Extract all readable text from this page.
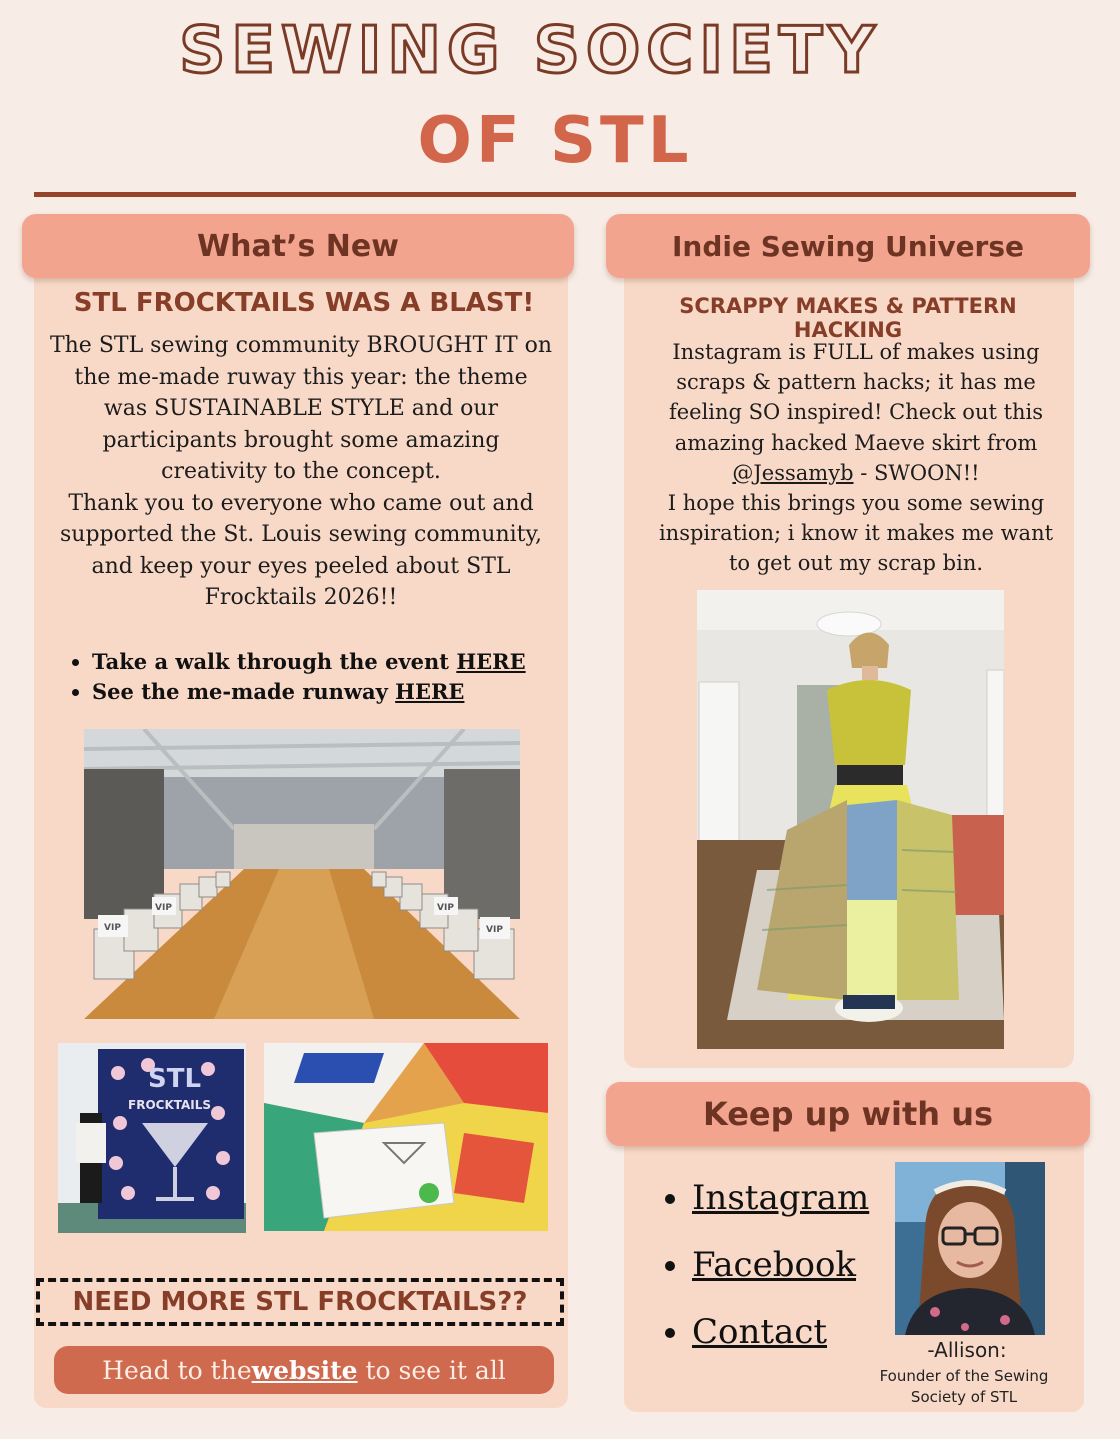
SEWING SOCIETY
OF STL
What’s New
STL FROCKTAILS WAS A BLAST!
The STL sewing community BROUGHT IT on
the me-made ruway this year: the theme
was SUSTAINABLE STYLE and our
participants brought some amazing
creativity to the concept.
Thank you to everyone who came out and
supported the St. Louis sewing community,
and keep your eyes peeled about STL
Frocktails 2026!!
• Take a walk through the event HERE
• See the me-made runway HERE
VIP
VIP	VIP
VIP
STL
FROCKTAILS
NEED MORE STL FROCKTAILS??
Head to the website to see it all
Indie Sewing Universe
SCRAPPY MAKES & PATTERN HACKING
Instagram is FULL of makes using
scraps & pattern hacks; it has me
feeling SO inspired! Check out this
amazing hacked Maeve skirt from
@Jessamyb - SWOON!!
I hope this brings you some sewing
inspiration; i know it makes me want
to get out my scrap bin.
Keep up with us
• Instagram
• Facebook
• Contact	-Allison:
Founder of the Sewing
Society of STL
